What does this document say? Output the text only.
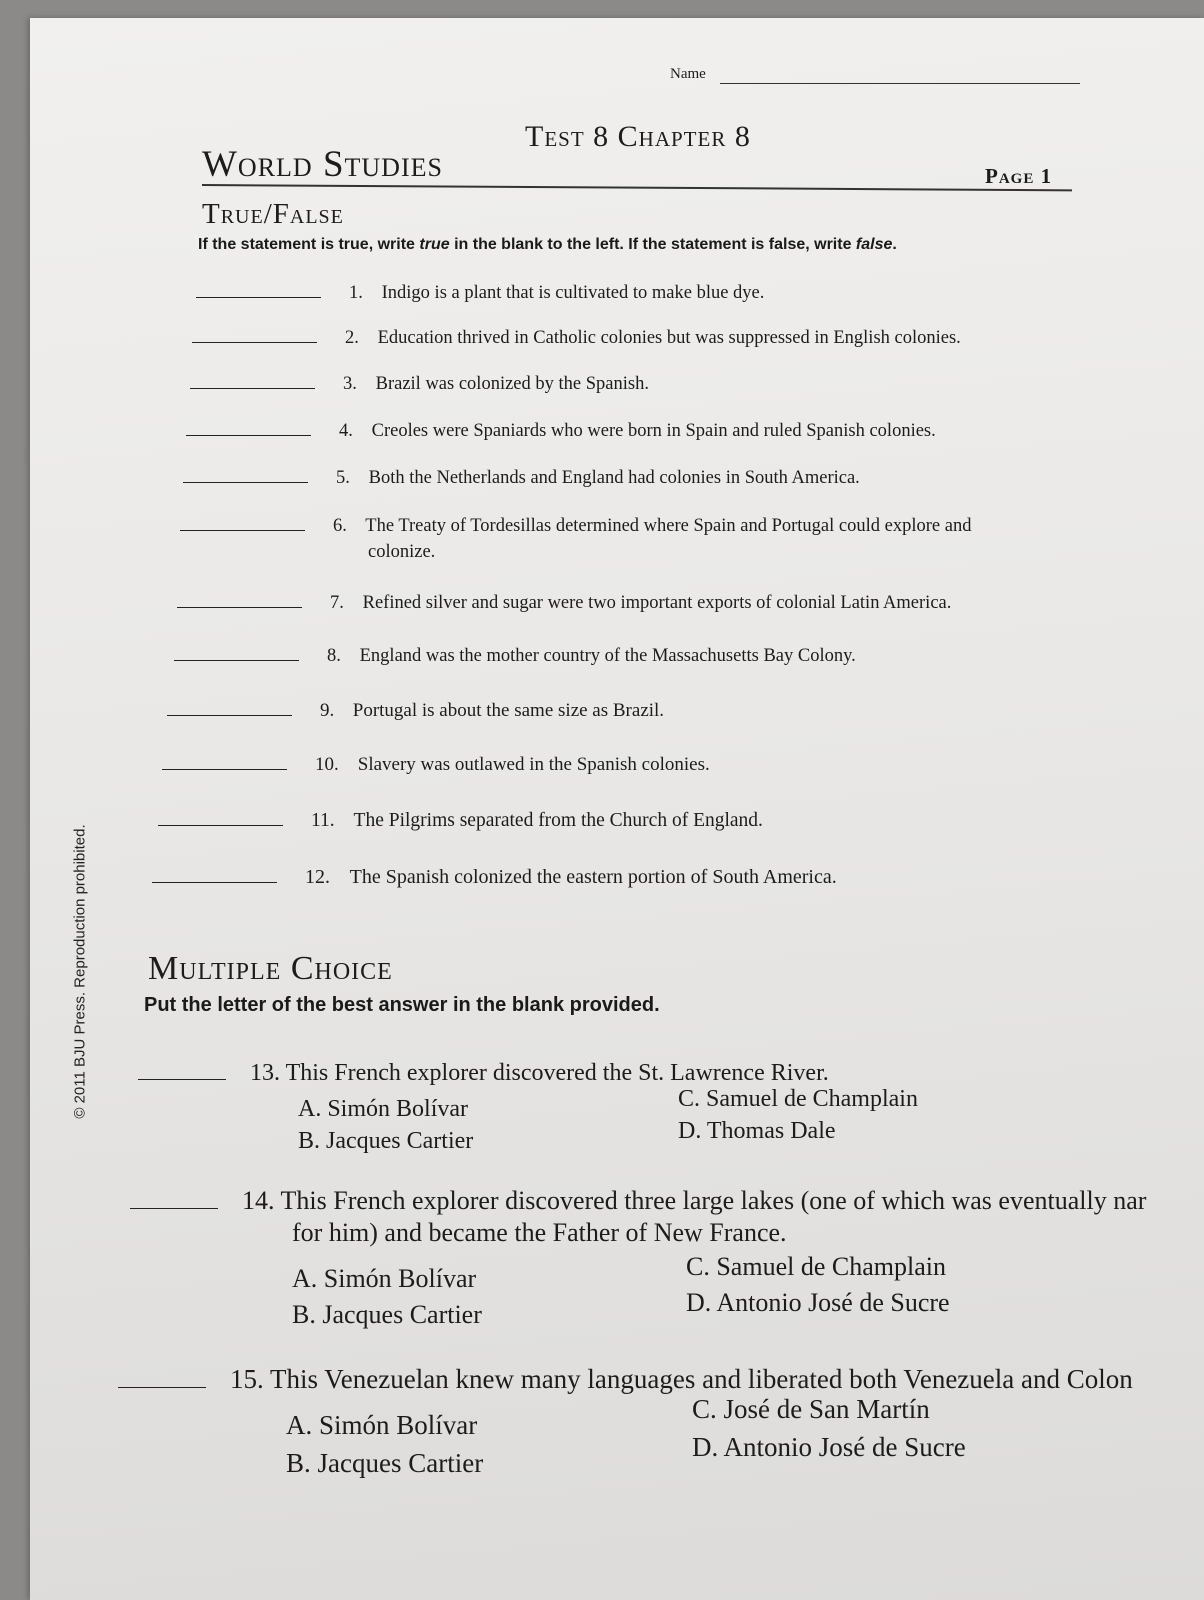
© 2011 BJU Press. Reproduction prohibited.
Name
Test 8 Chapter 8
World Studies	Page 1
True/False
If the statement is true, write true in the blank to the left. If the statement is false, write false.
1. Indigo is a plant that is cultivated to make blue dye.
2. Education thrived in Catholic colonies but was suppressed in English colonies.
3. Brazil was colonized by the Spanish.
4. Creoles were Spaniards who were born in Spain and ruled Spanish colonies.
5. Both the Netherlands and England had colonies in South America.
6. The Treaty of Tordesillas determined where Spain and Portugal could explore and
colonize.
7. Refined silver and sugar were two important exports of colonial Latin America.
8. England was the mother country of the Massachusetts Bay Colony.
9. Portugal is about the same size as Brazil.
10. Slavery was outlawed in the Spanish colonies.
11. The Pilgrims separated from the Church of England.
12. The Spanish colonized the eastern portion of South America.
Multiple Choice
Put the letter of the best answer in the blank provided.
13. This French explorer discovered the St. Lawrence River.
A. Simón Bolívar
B. Jacques Cartier
C. Samuel de Champlain
D. Thomas Dale
14. This French explorer discovered three large lakes (one of which was eventually nar
for him) and became the Father of New France.
A. Simón Bolívar
B. Jacques Cartier
C. Samuel de Champlain
D. Antonio José de Sucre
15. This Venezuelan knew many languages and liberated both Venezuela and Colon
A. Simón Bolívar
B. Jacques Cartier
C. José de San Martín
D. Antonio José de Sucre
